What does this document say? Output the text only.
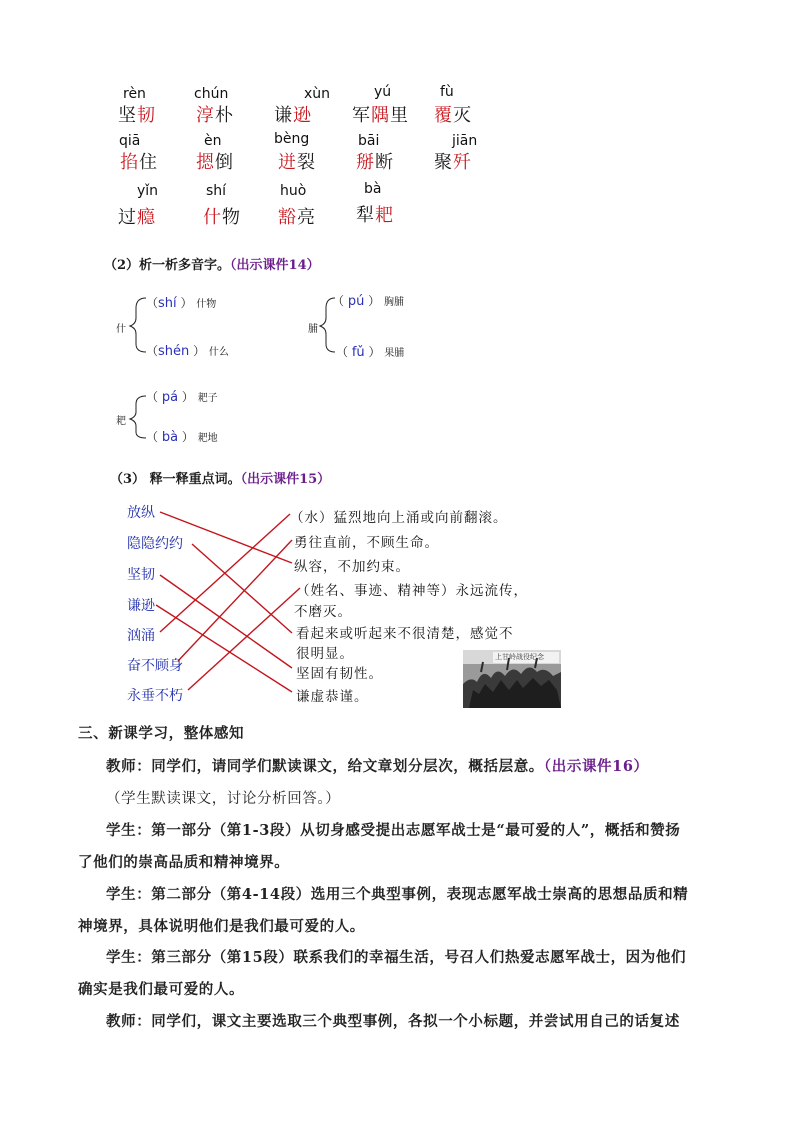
rèn
坚韧
chún
淳朴
xùn
谦逊
yú
军隅里
fù
覆灭
qiā
掐住
èn
摁倒
bèng
迸裂
bāi
掰断
jiān
聚歼
yǐn
过瘾
shí
什物
huò
豁亮
bà
犁耙
（2）析一析多音字。（出示课件14）
什
（shí ） 什物
（shén ） 什么
脯
（ pú ） 胸脯
（ fǔ ） 果脯
耙
（ pá ） 耙子
（ bà ） 耙地
（3） 释一释重点词。（出示课件15）
放纵
隐隐约约
坚韧
谦逊
汹涌
奋不顾身
永垂不朽
（水）猛烈地向上涌或向前翻滚。
勇往直前，不顾生命。
纵容，不加约束。
（姓名、事迹、精神等）永远流传，
不磨灭。
看起来或听起来不很清楚，感觉不
很明显。
坚固有韧性。
谦虚恭谨。
上甘岭战役纪念
三、新课学习，整体感知
教师：同学们，请同学们默读课文，给文章划分层次，概括层意。（出示课件16）
（学生默读课文，讨论分析回答。）
学生：第一部分（第1-3段）从切身感受提出志愿军战士是“最可爱的人”，概括和赞扬
了他们的崇高品质和精神境界。
学生：第二部分（第4-14段）选用三个典型事例，表现志愿军战士崇高的思想品质和精
神境界，具体说明他们是我们最可爱的人。
学生：第三部分（第15段）联系我们的幸福生活，号召人们热爱志愿军战士，因为他们
确实是我们最可爱的人。
教师：同学们，课文主要选取三个典型事例，各拟一个小标题，并尝试用自己的话复述
